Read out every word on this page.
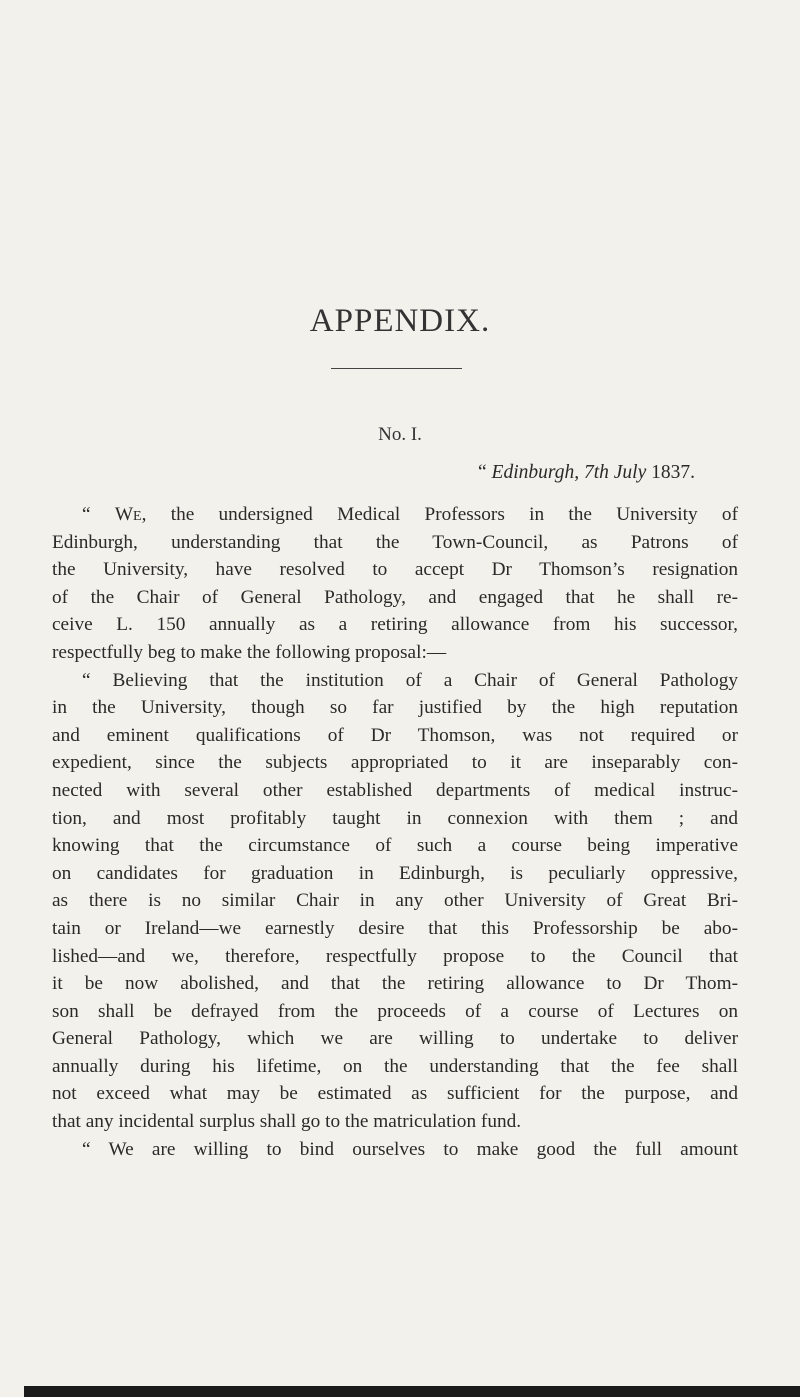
APPENDIX.
No. I.
“ Edinburgh, 7th July 1837.
“ We, the undersigned Medical Professors in the University of
Edinburgh, understanding that the Town-Council, as Patrons of
the University, have resolved to accept Dr Thomson’s resignation
of the Chair of General Pathology, and engaged that he shall re-
ceive L. 150 annually as a retiring allowance from his successor,
respectfully beg to make the following proposal:—
“ Believing that the institution of a Chair of General Pathology
in the University, though so far justified by the high reputation
and eminent qualifications of Dr Thomson, was not required or
expedient, since the subjects appropriated to it are inseparably con-
nected with several other established departments of medical instruc-
tion, and most profitably taught in connexion with them ; and
knowing that the circumstance of such a course being imperative
on candidates for graduation in Edinburgh, is peculiarly oppressive,
as there is no similar Chair in any other University of Great Bri-
tain or Ireland—we earnestly desire that this Professorship be abo-
lished—and we, therefore, respectfully propose to the Council that
it be now abolished, and that the retiring allowance to Dr Thom-
son shall be defrayed from the proceeds of a course of Lectures on
General Pathology, which we are willing to undertake to deliver
annually during his lifetime, on the understanding that the fee shall
not exceed what may be estimated as sufficient for the purpose, and
that any incidental surplus shall go to the matriculation fund.
“ We are willing to bind ourselves to make good the full amount
